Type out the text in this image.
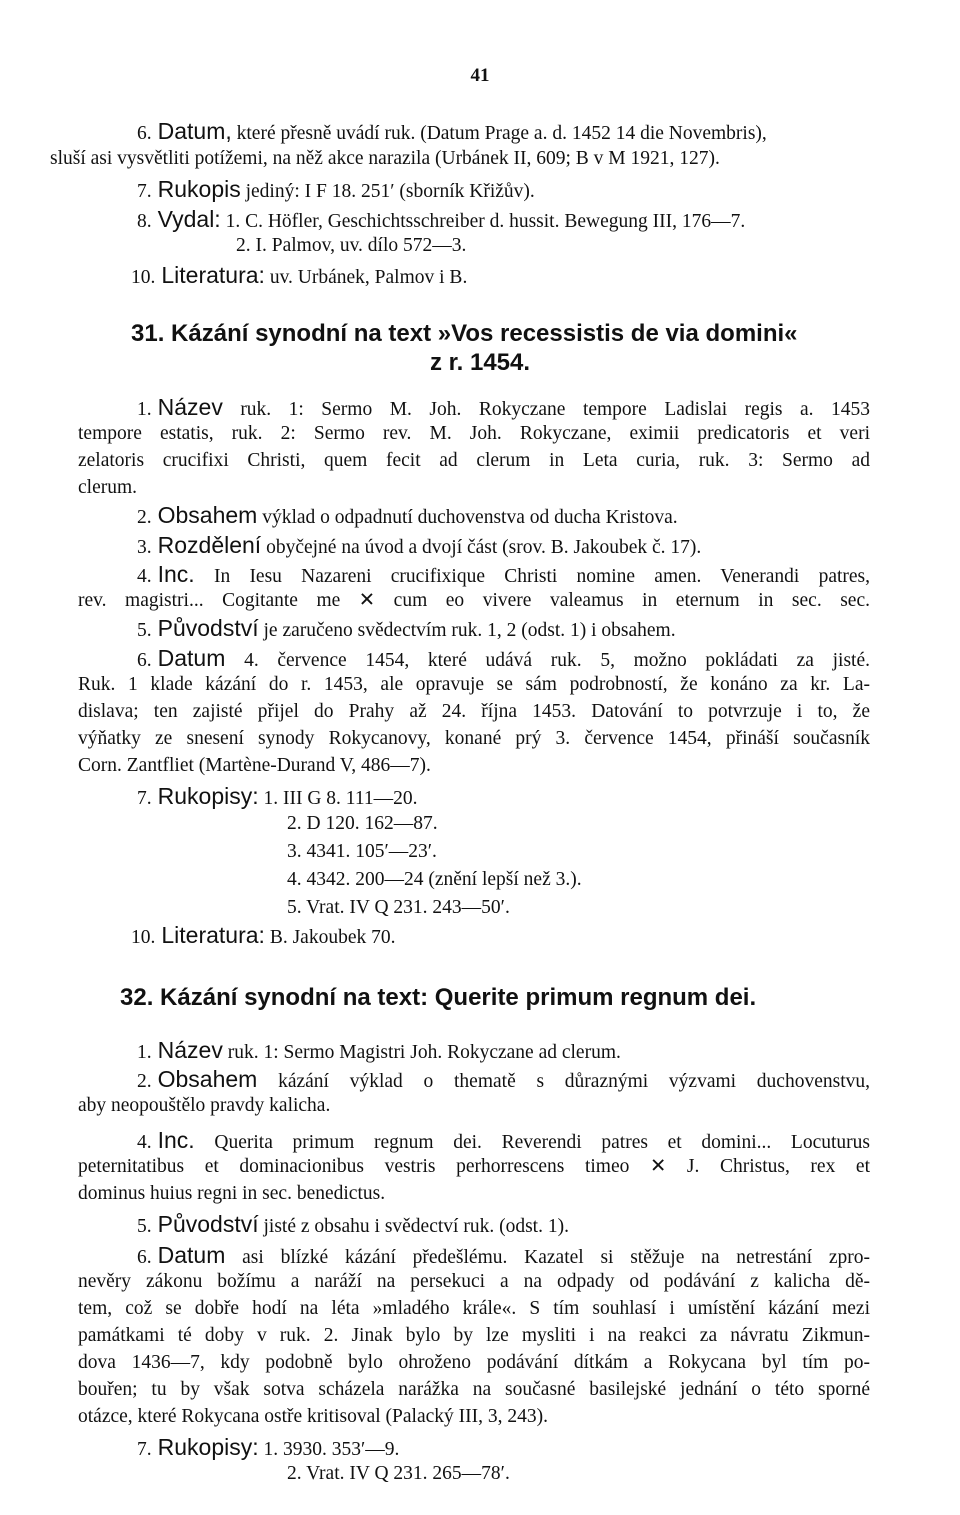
41
6. Datum, které přesně uvádí ruk. (Datum Prage a. d. 1452 14 die Novembris),
sluší asi vysvětliti potížemi, na něž akce narazila (Urbánek II, 609; B v M 1921, 127).
7. Rukopis jediný: I F 18. 251′ (sborník Křižův).
8. Vydal: 1. C. Höfler, Geschichtsschreiber d. hussit. Bewegung III, 176—7.
2. I. Palmov, uv. dílo 572—3.
10. Literatura: uv. Urbánek, Palmov i B.
31. Kázání synodní na text »Vos recessistis de via domini«
z r. 1454.
1. Název ruk. 1: Sermo M. Joh. Rokyczane tempore Ladislai regis a. 1453
tempore estatis, ruk. 2: Sermo rev. M. Joh. Rokyczane, eximii predicatoris et veri
zelatoris crucifixi Christi, quem fecit ad clerum in Leta curia, ruk. 3: Sermo ad
clerum.
2. Obsahem výklad o odpadnutí duchovenstva od ducha Kristova.
3. Rozdělení obyčejné na úvod a dvojí část (srov. B. Jakoubek č. 17).
4. Inc. In Iesu Nazareni crucifixique Christi nomine amen. Venerandi patres,
rev. magistri... Cogitante me ✕ cum eo vivere valeamus in eternum in sec. sec.
5. Původství je zaručeno svědectvím ruk. 1, 2 (odst. 1) i obsahem.
6. Datum 4. července 1454, které udává ruk. 5, možno pokládati za jisté.
Ruk. 1 klade kázání do r. 1453, ale opravuje se sám podrobností, že konáno za kr. La-
dislava; ten zajisté přijel do Prahy až 24. října 1453. Datování to potvrzuje i to, že
výňatky ze snesení synody Rokycanovy, konané prý 3. července 1454, přináší současník
Corn. Zantfliet (Martène-Durand V, 486—7).
7. Rukopisy: 1. III G 8. 111—20.
2. D 120. 162—87.
3. 4341. 105′—23′.
4. 4342. 200—24 (znění lepší než 3.).
5. Vrat. IV Q 231. 243—50′.
10. Literatura: B. Jakoubek 70.
32. Kázání synodní na text: Querite primum regnum dei.
1. Název ruk. 1: Sermo Magistri Joh. Rokyczane ad clerum.
2. Obsahem kázání výklad o thematě s důraznými výzvami duchovenstvu,
aby neopouštělo pravdy kalicha.
4. Inc. Querita primum regnum dei. Reverendi patres et domini... Locuturus
peternitatibus et dominacionibus vestris perhorrescens timeo ✕ J. Christus, rex et
dominus huius regni in sec. benedictus.
5. Původství jisté z obsahu i svědectví ruk. (odst. 1).
6. Datum asi blízké kázání předešlému. Kazatel si stěžuje na netrestání zpro-
nevěry zákonu božímu a naráží na persekuci a na odpady od podávání z kalicha dě-
tem, což se dobře hodí na léta »mladého krále«. S tím souhlasí i umístění kázání mezi
památkami té doby v ruk. 2. Jinak bylo by lze mysliti i na reakci za návratu Zikmun-
dova 1436—7, kdy podobně bylo ohroženo podávání dítkám a Rokycana byl tím po-
bouřen; tu by však sotva scházela narážka na současné basilejské jednání o této sporné
otázce, které Rokycana ostře kritisoval (Palacký III, 3, 243).
7. Rukopisy: 1. 3930. 353′—9.
2. Vrat. IV Q 231. 265—78′.
